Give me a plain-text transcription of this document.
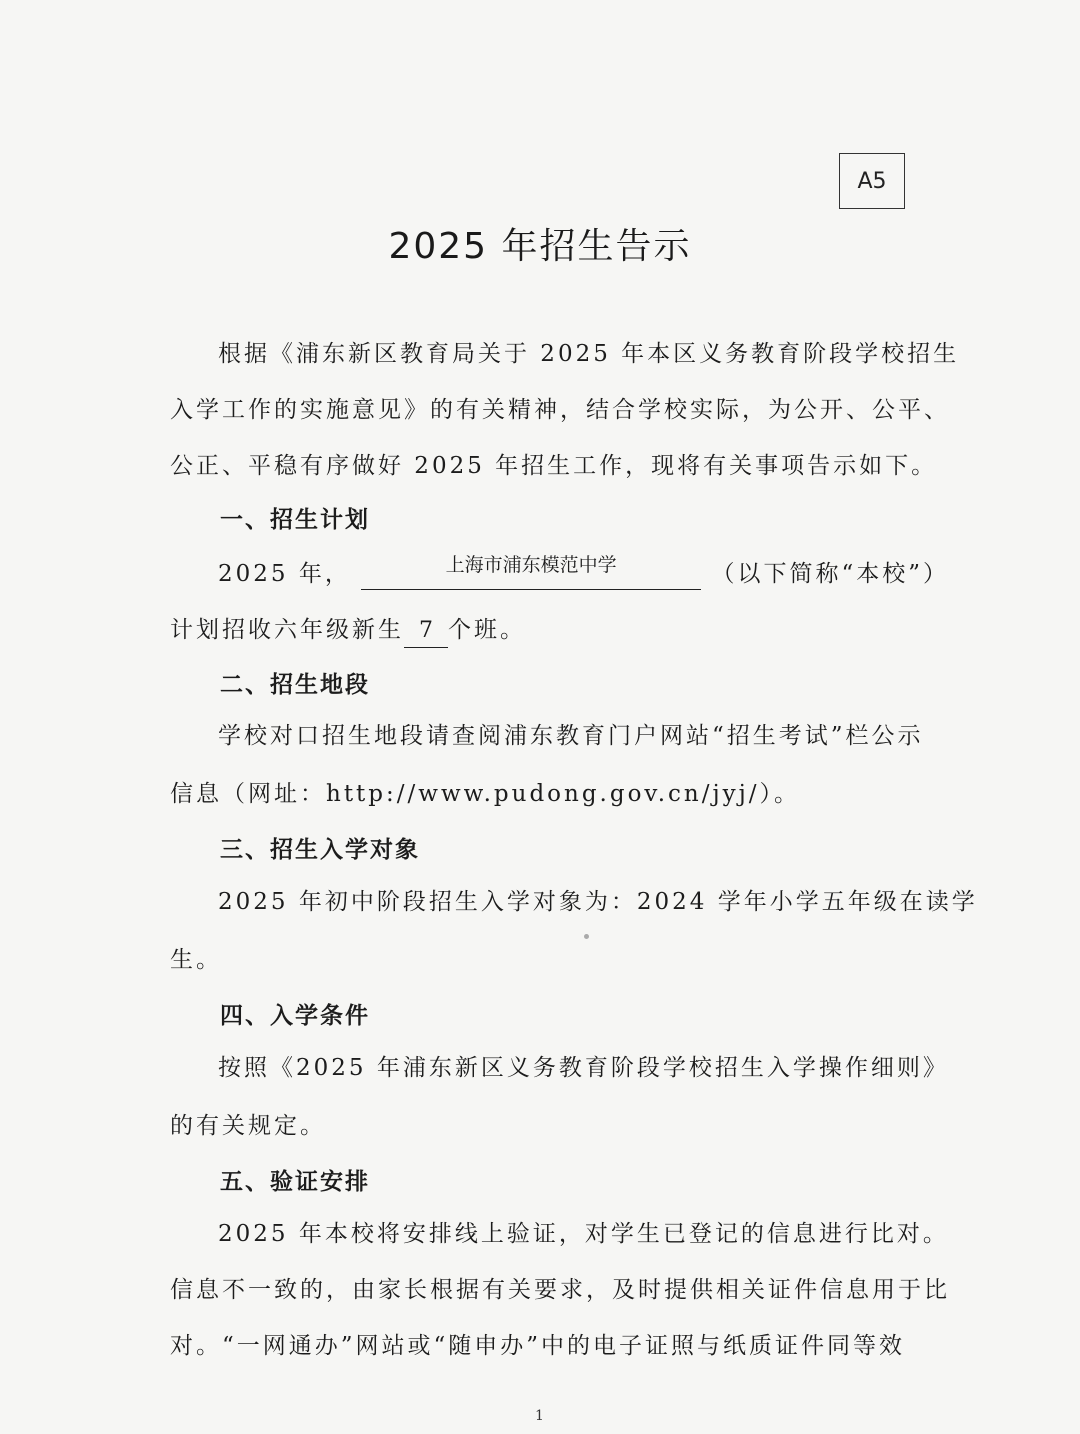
A5
2025 年招生告示
根据《浦东新区教育局关于 2025 年本区义务教育阶段学校招生
入学工作的实施意见》的有关精神，结合学校实际，为公开、公平、
公正、平稳有序做好 2025 年招生工作，现将有关事项告示如下。
一、招生计划
2025 年，	上海市浦东模范中学	（以下简称“本校”）
计划招收六年级新生 7 个班。
二、招生地段
学校对口招生地段请查阅浦东教育门户网站“招生考试”栏公示
信息（网址：http://www.pudong.gov.cn/jyj/）。
三、招生入学对象
2025 年初中阶段招生入学对象为：2024 学年小学五年级在读学
生。
四、入学条件
按照《2025 年浦东新区义务教育阶段学校招生入学操作细则》
的有关规定。
五、验证安排
2025 年本校将安排线上验证，对学生已登记的信息进行比对。
信息不一致的，由家长根据有关要求，及时提供相关证件信息用于比
对。“一网通办”网站或“随申办”中的电子证照与纸质证件同等效
1
